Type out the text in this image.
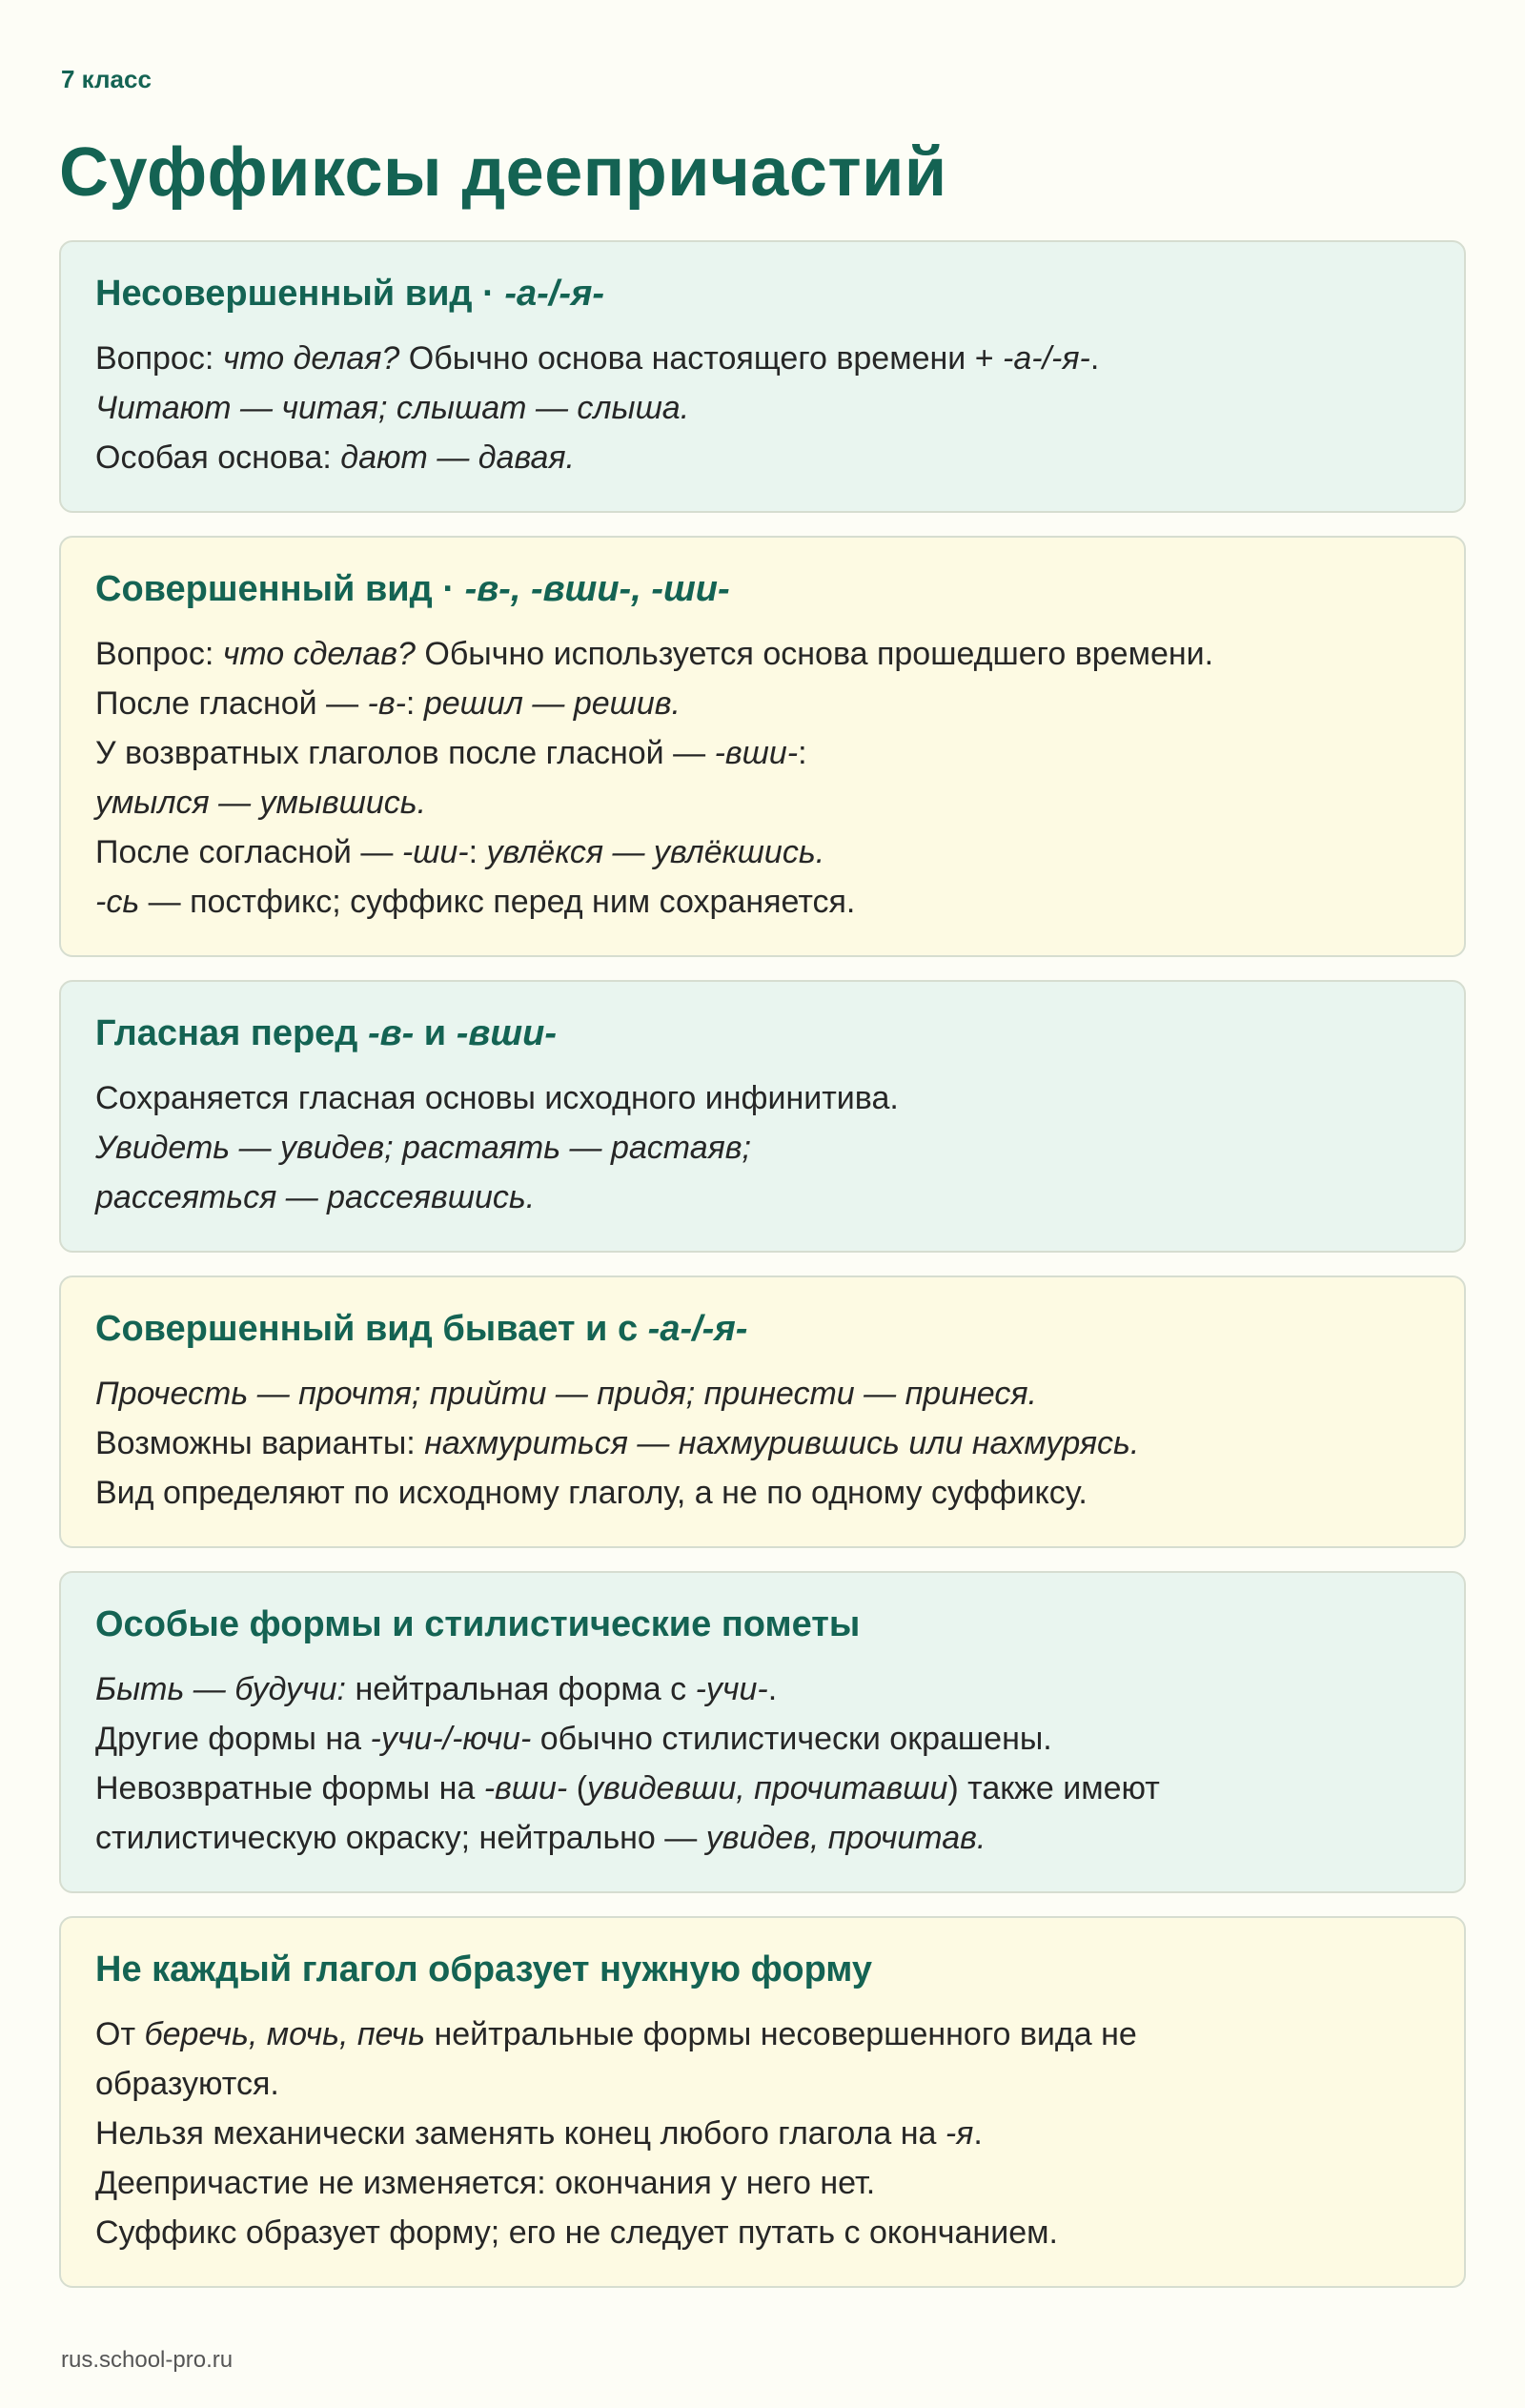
7 класс
Суффиксы деепричастий
Несовершенный вид · -а-/-я-

Вопрос: что делая? Обычно основа настоящего времени + -а-/-я-.

Читают — читая; слышат — слыша.

Особая основа: дают — давая.

Совершенный вид · -в-, -вши-, -ши-

Вопрос: что сделав? Обычно используется основа прошедшего времени.

После гласной — -в-: решил — решив.

У возвратных глаголов после гласной — -вши-:

умылся — умывшись.

После согласной — -ши-: увлёкся — увлёкшись.

-сь — постфикс; суффикс перед ним сохраняется.

Гласная перед -в- и -вши-

Сохраняется гласная основы исходного инфинитива.

Увидеть — увидев; растаять — растаяв;

рассеяться — рассеявшись.

Совершенный вид бывает и с -а-/-я-

Прочесть — прочтя; прийти — придя; принести — принеся.

Возможны варианты: нахмуриться — нахмурившись или нахмурясь.

Вид определяют по исходному глаголу, а не по одному суффиксу.

Особые формы и стилистические пометы

Быть — будучи: нейтральная форма с -учи-.

Другие формы на -учи-/-ючи- обычно стилистически окрашены.

Невозвратные формы на -вши- (увидевши, прочитавши) также имеют

стилистическую окраску; нейтрально — увидев, прочитав.

Не каждый глагол образует нужную форму

От беречь, мочь, печь нейтральные формы несовершенного вида не

образуются.

Нельзя механически заменять конец любого глагола на -я.

Деепричастие не изменяется: окончания у него нет.

Суффикс образует форму; его не следует путать с окончанием.

rus.school-pro.ru
